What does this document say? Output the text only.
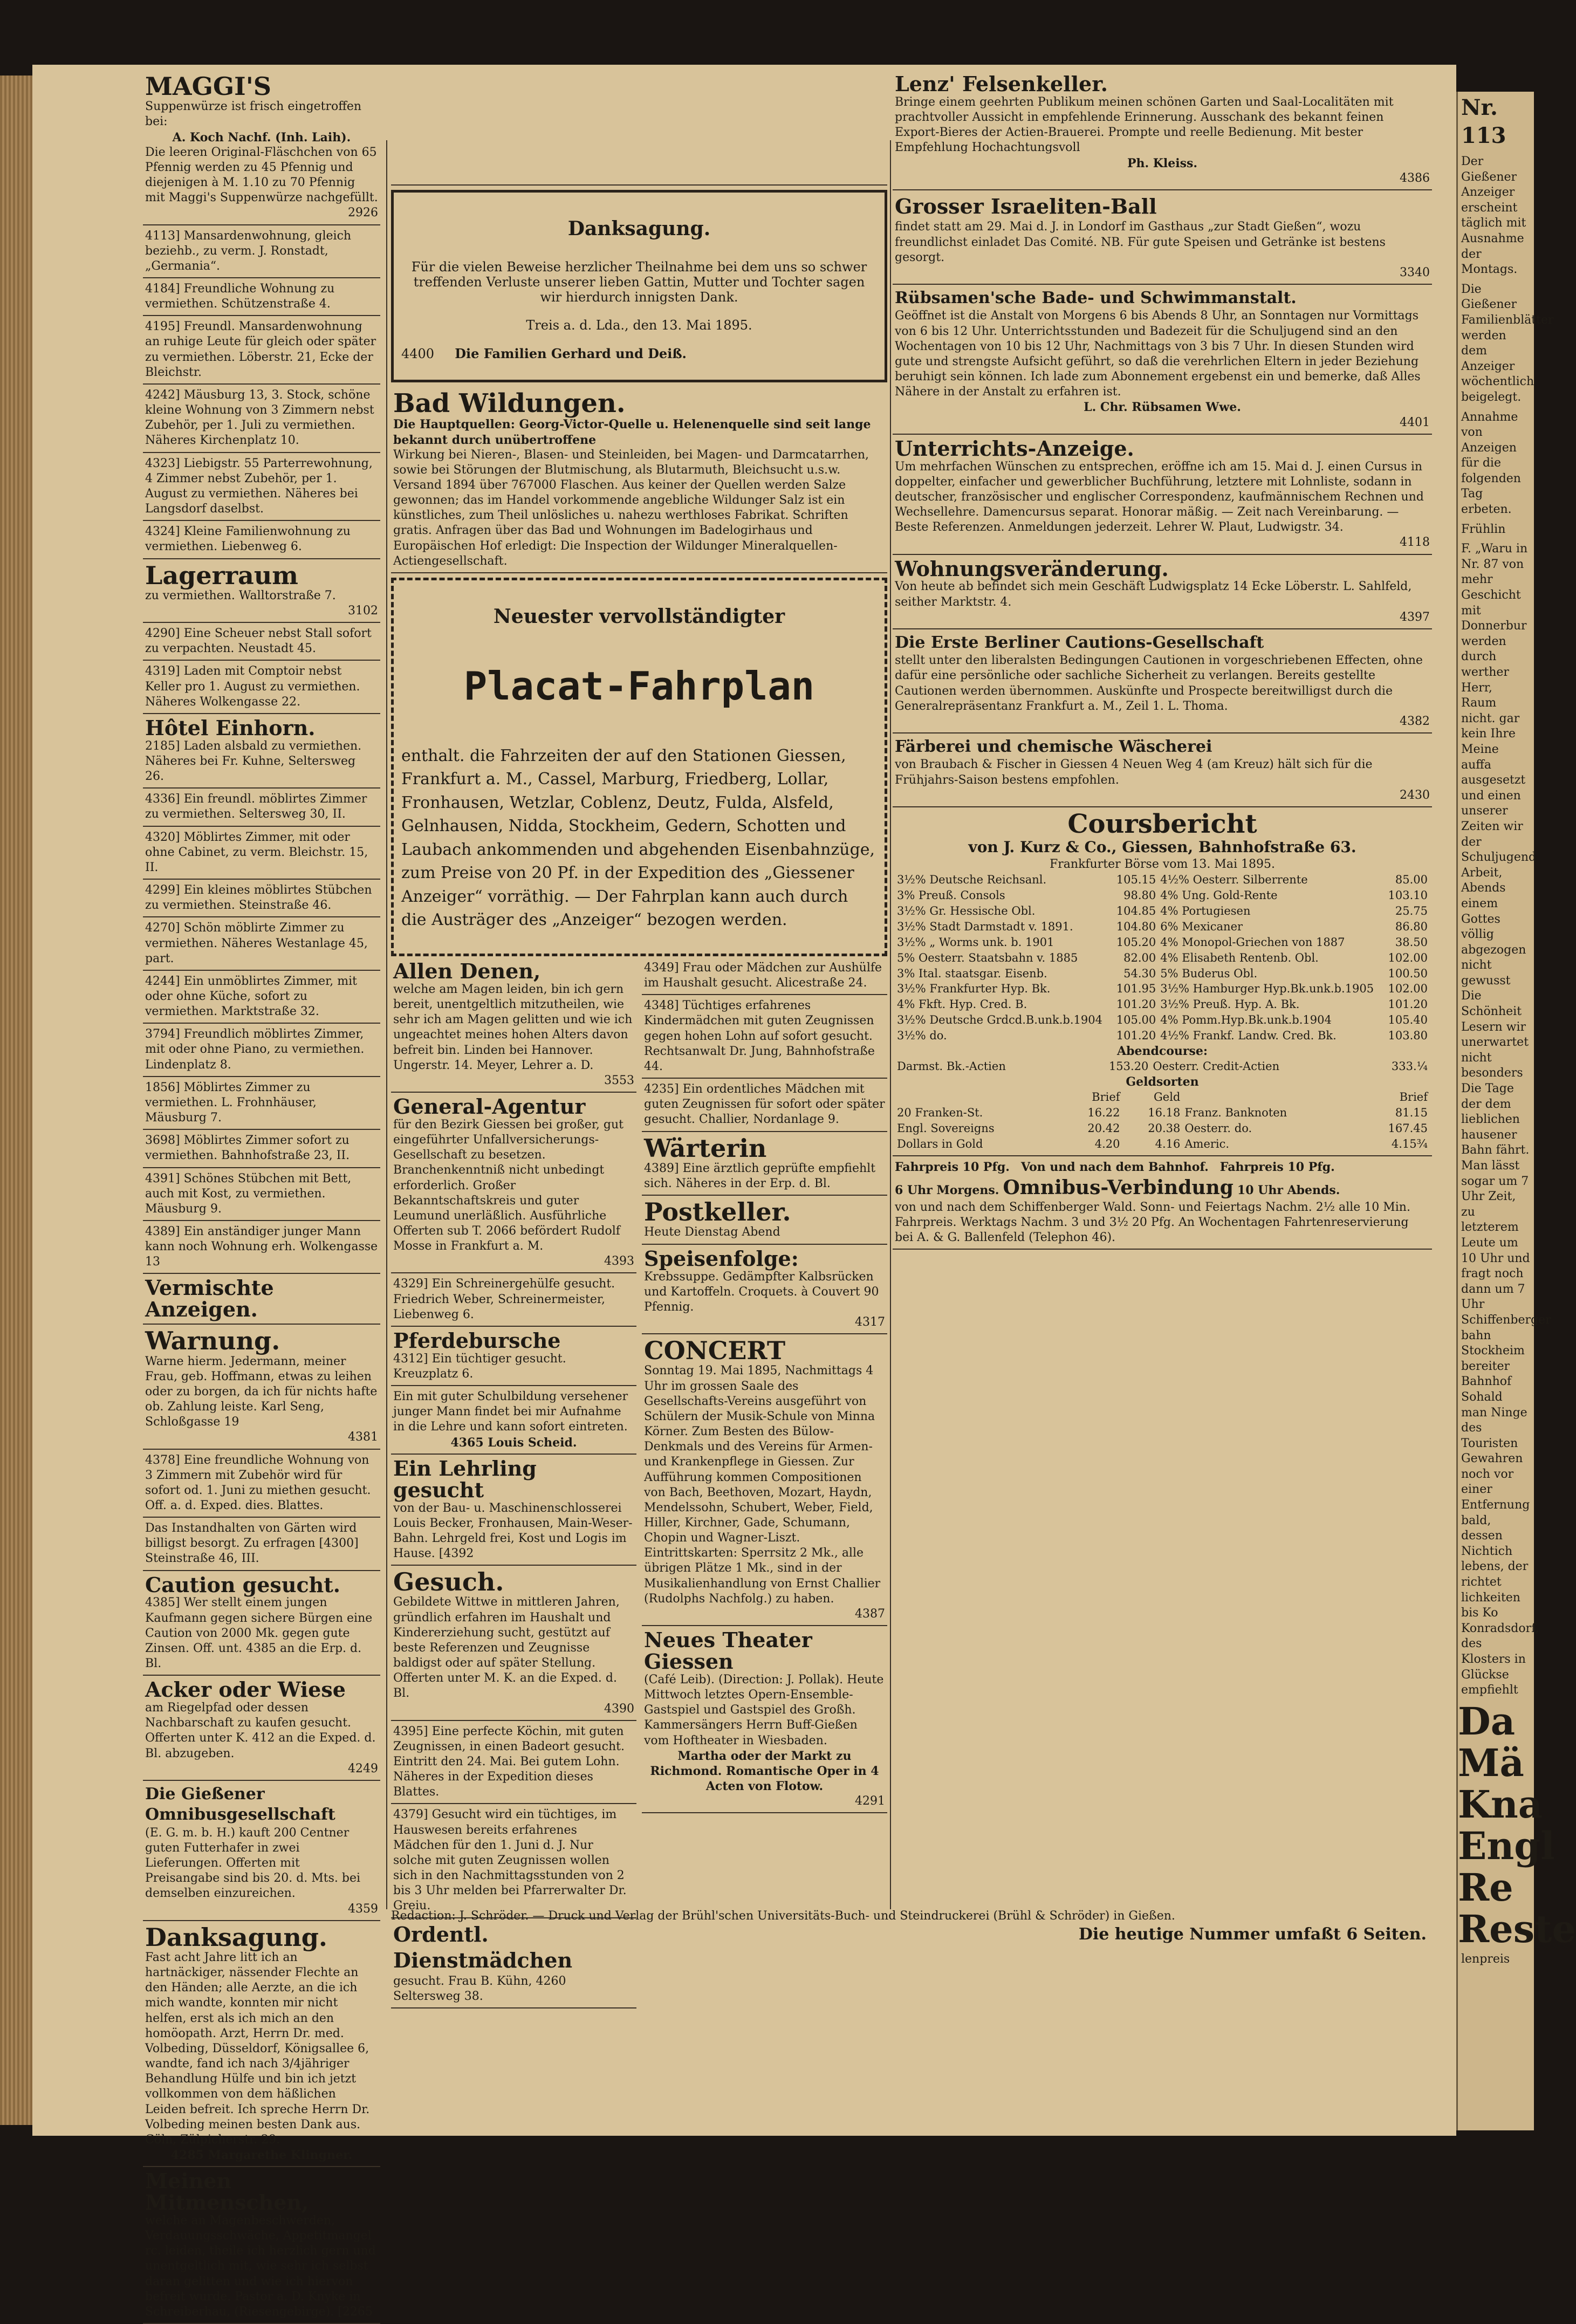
MAGGI'S

Suppenwürze ist frisch eingetroffen bei:

A. Koch Nachf. (Inh. Laih).

Die leeren Original-Fläschchen von 65 Pfennig werden zu 45 Pfennig und diejenigen à M. 1.10 zu 70 Pfennig mit Maggi's Suppenwürze nachgefüllt.

2926

4113] Mansardenwohnung, gleich beziehb., zu verm. J. Ronstadt, „Germania“.

4184] Freundliche Wohnung zu vermiethen. Schützenstraße 4.

4195] Freundl. Mansardenwohnung an ruhige Leute für gleich oder später zu vermiethen. Löberstr. 21, Ecke der Bleichstr.

4242] Mäusburg 13, 3. Stock, schöne kleine Wohnung von 3 Zimmern nebst Zubehör, per 1. Juli zu vermiethen. Näheres Kirchenplatz 10.

4323] Liebigstr. 55 Parterrewohnung, 4 Zimmer nebst Zubehör, per 1. August zu vermiethen. Näheres bei Langsdorf daselbst.

4324] Kleine Familienwohnung zu vermiethen. Liebenweg 6.

Lagerraum

zu vermiethen. Walltorstraße 7.

3102

4290] Eine Scheuer nebst Stall sofort zu verpachten. Neustadt 45.

4319] Laden mit Comptoir nebst Keller pro 1. August zu vermiethen. Näheres Wolkengasse 22.

Hôtel Einhorn.

2185] Laden alsbald zu vermiethen. Näheres bei Fr. Kuhne, Seltersweg 26.

4336] Ein freundl. möblirtes Zimmer zu vermiethen. Seltersweg 30, II.

4320] Möblirtes Zimmer, mit oder ohne Cabinet, zu verm. Bleichstr. 15, II.

4299] Ein kleines möblirtes Stübchen zu vermiethen. Steinstraße 46.

4270] Schön möblirte Zimmer zu vermiethen. Näheres Westanlage 45, part.

4244] Ein unmöblirtes Zimmer, mit oder ohne Küche, sofort zu vermiethen. Marktstraße 32.

3794] Freundlich möblirtes Zimmer, mit oder ohne Piano, zu vermiethen. Lindenplatz 8.

1856] Möblirtes Zimmer zu vermiethen. L. Frohnhäuser, Mäusburg 7.

3698] Möblirtes Zimmer sofort zu vermiethen. Bahnhofstraße 23, II.

4391] Schönes Stübchen mit Bett, auch mit Kost, zu vermiethen. Mäusburg 9.

4389] Ein anständiger junger Mann kann noch Wohnung erh. Wolkengasse 13

Vermischte Anzeigen.

Warnung.

Warne hierm. Jedermann, meiner Frau, geb. Hoffmann, etwas zu leihen oder zu borgen, da ich für nichts hafte ob. Zahlung leiste. Karl Seng, Schloßgasse 19

4381

4378] Eine freundliche Wohnung von 3 Zimmern mit Zubehör wird für sofort od. 1. Juni zu miethen gesucht. Off. a. d. Exped. dies. Blattes.

Das Instandhalten von Gärten wird billigst besorgt. Zu erfragen [4300] Steinstraße 46, III.

Caution gesucht.

4385] Wer stellt einem jungen Kaufmann gegen sichere Bürgen eine Caution von 2000 Mk. gegen gute Zinsen. Off. unt. 4385 an die Erp. d. Bl.

Acker oder Wiese

am Riegelpfad oder dessen Nachbarschaft zu kaufen gesucht. Offerten unter K. 412 an die Exped. d. Bl. abzugeben.

4249

Die Gießener Omnibusgesellschaft

(E. G. m. b. H.) kauft 200 Centner guten Futterhafer in zwei Lieferungen. Offerten mit Preisangabe sind bis 20. d. Mts. bei demselben einzureichen.

4359

Danksagung.

Fast acht Jahre litt ich an hartnäckiger, nässender Flechte an den Händen; alle Aerzte, an die ich mich wandte, konnten mir nicht helfen, erst als ich mich an den homöopath. Arzt, Herrn Dr. med. Volbeding, Düsseldorf, Königsallee 6, wandte, fand ich nach 3/4jähriger Behandlung Hülfe und bin ich jetzt vollkommen von dem häßlichen Leiden befreit. Ich spreche Herrn Dr. Volbeding meinen besten Dank aus. Cöln, Zülpicherstr. 29.

4285 Margarethe Klingner.

Meinen Mitmenschen,

welche an Magenbeschwerden, Verdauungsschwäche, Appetitmangel rc. leiden, theile ich herzlich gern und unentgeltlich mit, wie sehr ich selbst daran gelitten und wie ich hiervon befreit wurde. Pastor a. D. Knyke in Schreiberhau, (Riesengebirge). [2265

Danksagung.

Für die vielen Beweise herzlicher Theilnahme bei dem uns so schwer treffenden Verluste unserer lieben Gattin, Mutter und Tochter sagen wir hierdurch innigsten Dank.

Treis a. d. Lda., den 13. Mai 1895.

4400 Die Familien Gerhard und Deiß.

Bad Wildungen.

Die Hauptquellen: Georg-Victor-Quelle u. Helenenquelle sind seit lange bekannt durch unübertroffene

Wirkung bei Nieren-, Blasen- und Steinleiden, bei Magen- und Darmcatarrhen, sowie bei Störungen der Blutmischung, als Blutarmuth, Bleichsucht u.s.w. Versand 1894 über 767000 Flaschen. Aus keiner der Quellen werden Salze gewonnen; das im Handel vorkommende angebliche Wildunger Salz ist ein künstliches, zum Theil unlösliches u. nahezu werthloses Fabrikat. Schriften gratis. Anfragen über das Bad und Wohnungen im Badelogirhaus und Europäischen Hof erledigt: Die Inspection der Wildunger Mineralquellen-Actiengesellschaft.

Neuester vervollständigter

Placat-Fahrplan

enthalt. die Fahrzeiten der auf den Stationen Giessen, Frankfurt a. M., Cassel, Marburg, Friedberg, Lollar, Fronhausen, Wetzlar, Coblenz, Deutz, Fulda, Alsfeld, Gelnhausen, Nidda, Stockheim, Gedern, Schotten und Laubach ankommenden und abgehenden Eisenbahnzüge, zum Preise von 20 Pf. in der Expedition des „Giessener Anzeiger“ vorräthig. — Der Fahrplan kann auch durch die Austräger des „Anzeiger“ bezogen werden.

Allen Denen,

welche am Magen leiden, bin ich gern bereit, unentgeltlich mitzutheilen, wie sehr ich am Magen gelitten und wie ich ungeachtet meines hohen Alters davon befreit bin. Linden bei Hannover. Ungerstr. 14. Meyer, Lehrer a. D.

3553

General-Agentur

für den Bezirk Giessen bei großer, gut eingeführter Unfallversicherungs-Gesellschaft zu besetzen. Branchenkenntniß nicht unbedingt erforderlich. Großer Bekanntschaftskreis und guter Leumund unerläßlich. Ausführliche Offerten sub T. 2066 befördert Rudolf Mosse in Frankfurt a. M.

4393

4329] Ein Schreinergehülfe gesucht. Friedrich Weber, Schreinermeister, Liebenweg 6.

Pferdebursche

4312] Ein tüchtiger gesucht. Kreuzplatz 6.

Ein mit guter Schulbildung versehener junger Mann findet bei mir Aufnahme in die Lehre und kann sofort eintreten.

4365 Louis Scheid.

Ein Lehrling gesucht

von der Bau- u. Maschinenschlosserei Louis Becker, Fronhausen, Main-Weser-Bahn. Lehrgeld frei, Kost und Logis im Hause. [4392

Gesuch.

Gebildete Wittwe in mittleren Jahren, gründlich erfahren im Haushalt und Kindererziehung sucht, gestützt auf beste Referenzen und Zeugnisse baldigst oder auf später Stellung. Offerten unter M. K. an die Exped. d. Bl.

4390

4395] Eine perfecte Köchin, mit guten Zeugnissen, in einen Badeort gesucht. Eintritt den 24. Mai. Bei gutem Lohn. Näheres in der Expedition dieses Blattes.

4379] Gesucht wird ein tüchtiges, im Hauswesen bereits erfahrenes Mädchen für den 1. Juni d. J. Nur solche mit guten Zeugnissen wollen sich in den Nachmittagsstunden von 2 bis 3 Uhr melden bei Pfarrerwalter Dr. Greiu.

Ordentl. Dienstmädchen

gesucht. Frau B. Kühn, 4260 Seltersweg 38.

4349] Frau oder Mädchen zur Aushülfe im Haushalt gesucht. Alicestraße 24.

4348] Tüchtiges erfahrenes Kindermädchen mit guten Zeugnissen gegen hohen Lohn auf sofort gesucht. Rechtsanwalt Dr. Jung, Bahnhofstraße 44.

4235] Ein ordentliches Mädchen mit guten Zeugnissen für sofort oder später gesucht. Challier, Nordanlage 9.

Wärterin

4389] Eine ärztlich geprüfte empfiehlt sich. Näheres in der Erp. d. Bl.

Postkeller.

Heute Dienstag Abend

Speisenfolge:

Krebssuppe. Gedämpfter Kalbsrücken und Kartoffeln. Croquets. à Couvert 90 Pfennig.

4317

CONCERT

Sonntag 19. Mai 1895, Nachmittags 4 Uhr im grossen Saale des Gesellschafts-Vereins ausgeführt von Schülern der Musik-Schule von Minna Körner. Zum Besten des Bülow-Denkmals und des Vereins für Armen- und Krankenpflege in Giessen. Zur Aufführung kommen Compositionen von Bach, Beethoven, Mozart, Haydn, Mendelssohn, Schubert, Weber, Field, Hiller, Kirchner, Gade, Schumann, Chopin und Wagner-Liszt. Eintrittskarten: Sperrsitz 2 Mk., alle übrigen Plätze 1 Mk., sind in der Musikalienhandlung von Ernst Challier (Rudolphs Nachfolg.) zu haben.

4387

Neues Theater Giessen

(Café Leib). (Direction: J. Pollak). Heute Mittwoch letztes Opern-Ensemble-Gastspiel und Gastspiel des Großh. Kammersängers Herrn Buff-Gießen vom Hoftheater in Wiesbaden.

Martha oder der Markt zu Richmond. Romantische Oper in 4 Acten von Flotow.

4291

Lenz' Felsenkeller.

Bringe einem geehrten Publikum meinen schönen Garten und Saal-Localitäten mit prachtvoller Aussicht in empfehlende Erinnerung. Ausschank des bekannt feinen Export-Bieres der Actien-Brauerei. Prompte und reelle Bedienung. Mit bester Empfehlung Hochachtungsvoll

Ph. Kleiss.

4386

Grosser Israeliten-Ball

findet statt am 29. Mai d. J. in Londorf im Gasthaus „zur Stadt Gießen“, wozu freundlichst einladet Das Comité. NB. Für gute Speisen und Getränke ist bestens gesorgt.

3340

Rübsamen'sche Bade- und Schwimmanstalt.

Geöffnet ist die Anstalt von Morgens 6 bis Abends 8 Uhr, an Sonntagen nur Vormittags von 6 bis 12 Uhr. Unterrichtsstunden und Badezeit für die Schuljugend sind an den Wochentagen von 10 bis 12 Uhr, Nachmittags von 3 bis 7 Uhr. In diesen Stunden wird gute und strengste Aufsicht geführt, so daß die verehrlichen Eltern in jeder Beziehung beruhigt sein können. Ich lade zum Abonnement ergebenst ein und bemerke, daß Alles Nähere in der Anstalt zu erfahren ist.

L. Chr. Rübsamen Wwe.

4401

Unterrichts-Anzeige.

Um mehrfachen Wünschen zu entsprechen, eröffne ich am 15. Mai d. J. einen Cursus in doppelter, einfacher und gewerblicher Buchführung, letztere mit Lohnliste, sodann in deutscher, französischer und englischer Correspondenz, kaufmännischem Rechnen und Wechsellehre. Damencursus separat. Honorar mäßig. — Zeit nach Vereinbarung. — Beste Referenzen. Anmeldungen jederzeit. Lehrer W. Plaut, Ludwigstr. 34.

4118

Wohnungsveränderung.

Von heute ab befindet sich mein Geschäft Ludwigsplatz 14 Ecke Löberstr. L. Sahlfeld, seither Marktstr. 4.

4397

Die Erste Berliner Cautions-Gesellschaft

stellt unter den liberalsten Bedingungen Cautionen in vorgeschriebenen Effecten, ohne dafür eine persönliche oder sachliche Sicherheit zu verlangen. Bereits gestellte Cautionen werden übernommen. Auskünfte und Prospecte bereitwilligst durch die Generalrepräsentanz Frankfurt a. M., Zeil 1. L. Thoma.

4382

Färberei und chemische Wäscherei

von Braubach & Fischer in Giessen 4 Neuen Weg 4 (am Kreuz) hält sich für die Frühjahrs-Saison bestens empfohlen.

2430

Coursbericht

von J. Kurz & Co., Giessen, Bahnhofstraße 63.

Frankfurter Börse vom 13. Mai 1895.

3½% Deutsche Reichsanl.	105.15	4½% Oesterr. Silberrente	85.00
3% Preuß. Consols	98.80	4% Ung. Gold-Rente	103.10
3½% Gr. Hessische Obl.	104.85	4% Portugiesen	25.75
3½% Stadt Darmstadt v. 1891.	104.80	6% Mexicaner	86.80
3½% „ Worms unk. b. 1901	105.20	4% Monopol-Griechen von 1887	38.50
5% Oesterr. Staatsbahn v. 1885	82.00	4% Elisabeth Rentenb. Obl.	102.00
3% Ital. staatsgar. Eisenb.	54.30	5% Buderus Obl.	100.50
3½% Frankfurter Hyp. Bk.	101.95	3½% Hamburger Hyp.Bk.unk.b.1905	102.00
4% Fkft. Hyp. Cred. B.	101.20	3½% Preuß. Hyp. A. Bk.	101.20
3½% Deutsche Grdcd.B.unk.b.1904	105.00	4% Pomm.Hyp.Bk.unk.b.1904	105.40
3½% do.	101.20	4½% Frankf. Landw. Cred. Bk.	103.80

Abendcourse:

Darmst. Bk.-Actien	153.20	Oesterr. Credit-Actien	333.¼

Geldsorten

	Brief	Geld		Brief
20 Franken-St.	16.22	16.18	Franz. Banknoten	81.15
Engl. Sovereigns	20.42	20.38	Oesterr. do.	167.45
Dollars in Gold	4.20	4.16	Americ.	4.15¾

Fahrpreis 10 Pfg. Von und nach dem Bahnhof. Fahrpreis 10 Pfg.

6 Uhr Morgens. Omnibus-Verbindung 10 Uhr Abends.

von und nach dem Schiffenberger Wald. Sonn- und Feiertags Nachm. 2½ alle 10 Min. Fahrpreis. Werktags Nachm. 3 und 3½ 20 Pfg. An Wochentagen Fahrtenreservierung bei A. & G. Ballenfeld (Telephon 46).

Redaction: J. Schröder. — Druck und Verlag der Brühl'schen Universitäts-Buch- und Steindruckerei (Brühl & Schröder) in Gießen.

Die heutige Nummer umfaßt 6 Seiten.

Nr. 113
Der Gießener Anzeiger erscheint täglich mit Ausnahme der Montags.
Die Gießener Familienblätter werden dem Anzeiger wöchentlich beigelegt.
Annahme von Anzeigen für die folgenden Tag erbeten.
Frühlin
F. „Waru in Nr. 87 von mehr Geschicht mit Donnerbur werden durch werther Herr, Raum nicht. gar kein Ihre Meine auffa ausgesetzt und einen unserer Zeiten wir der Schuljugend Arbeit, Abends einem Gottes völlig abgezogen nicht gewusst Die Schönheit Lesern wir unerwartet nicht besonders Die Tage der dem lieblichen hausener Bahn fährt. Man lässt sogar um 7 Uhr Zeit, zu letzterem Leute um 10 Uhr und fragt noch dann um 7 Uhr Schiffenberger bahn Stockheim bereiter Bahnhof Sohald man Ninge des Touristen Gewahren noch vor einer Entfernung bald, dessen Nichtich lebens, der richtet lichkeiten bis Ko Konradsdorf, des Klosters in Glückse empfiehlt
Da
Mä
Kna
Engl
Re
Reste
lenpreis
